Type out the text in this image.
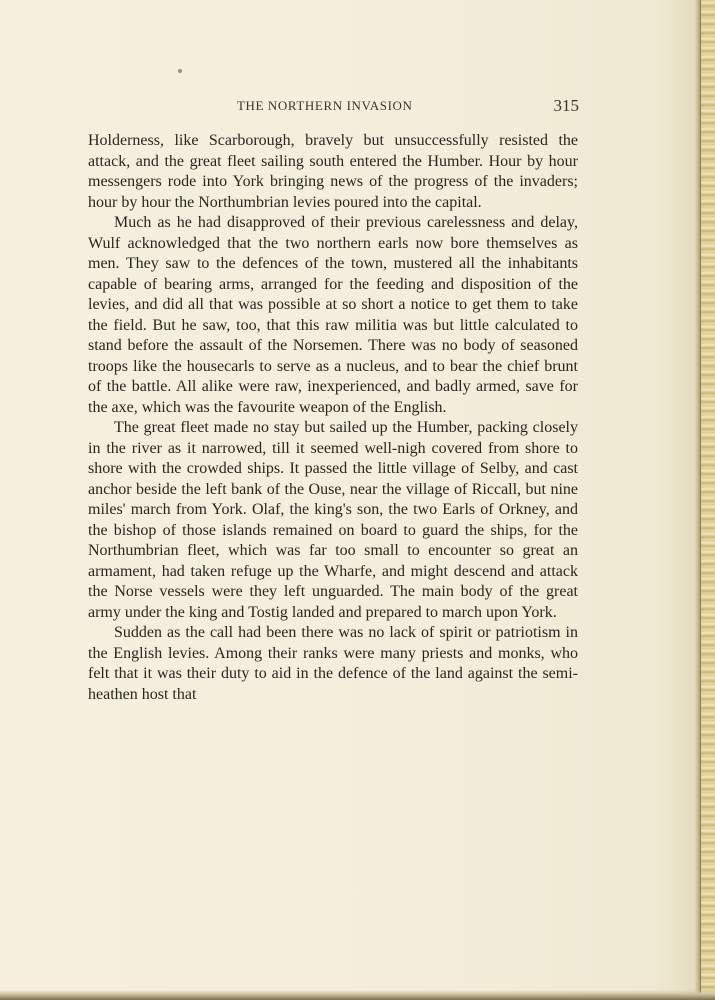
THE NORTHERN INVASION	315

Holderness, like Scarborough, bravely but unsuccessfully resisted the attack, and the great fleet sailing south entered the Humber. Hour by hour messengers rode into York bringing news of the progress of the invaders; hour by hour the Northumbrian levies poured into the capital.

Much as he had disapproved of their previous carelessness and delay, Wulf acknowledged that the two northern earls now bore themselves as men. They saw to the defences of the town, mustered all the inhabitants capable of bearing arms, arranged for the feeding and disposition of the levies, and did all that was possible at so short a notice to get them to take the field. But he saw, too, that this raw militia was but little calculated to stand before the assault of the Norsemen. There was no body of seasoned troops like the housecarls to serve as a nucleus, and to bear the chief brunt of the battle. All alike were raw, inexperienced, and badly armed, save for the axe, which was the favourite weapon of the English.

The great fleet made no stay but sailed up the Humber, packing closely in the river as it narrowed, till it seemed well-nigh covered from shore to shore with the crowded ships. It passed the little village of Selby, and cast anchor beside the left bank of the Ouse, near the village of Riccall, but nine miles' march from York. Olaf, the king's son, the two Earls of Orkney, and the bishop of those islands remained on board to guard the ships, for the Northumbrian fleet, which was far too small to encounter so great an armament, had taken refuge up the Wharfe, and might descend and attack the Norse vessels were they left unguarded. The main body of the great army under the king and Tostig landed and prepared to march upon York.

Sudden as the call had been there was no lack of spirit or patriotism in the English levies. Among their ranks were many priests and monks, who felt that it was their duty to aid in the defence of the land against the semi-heathen host that
